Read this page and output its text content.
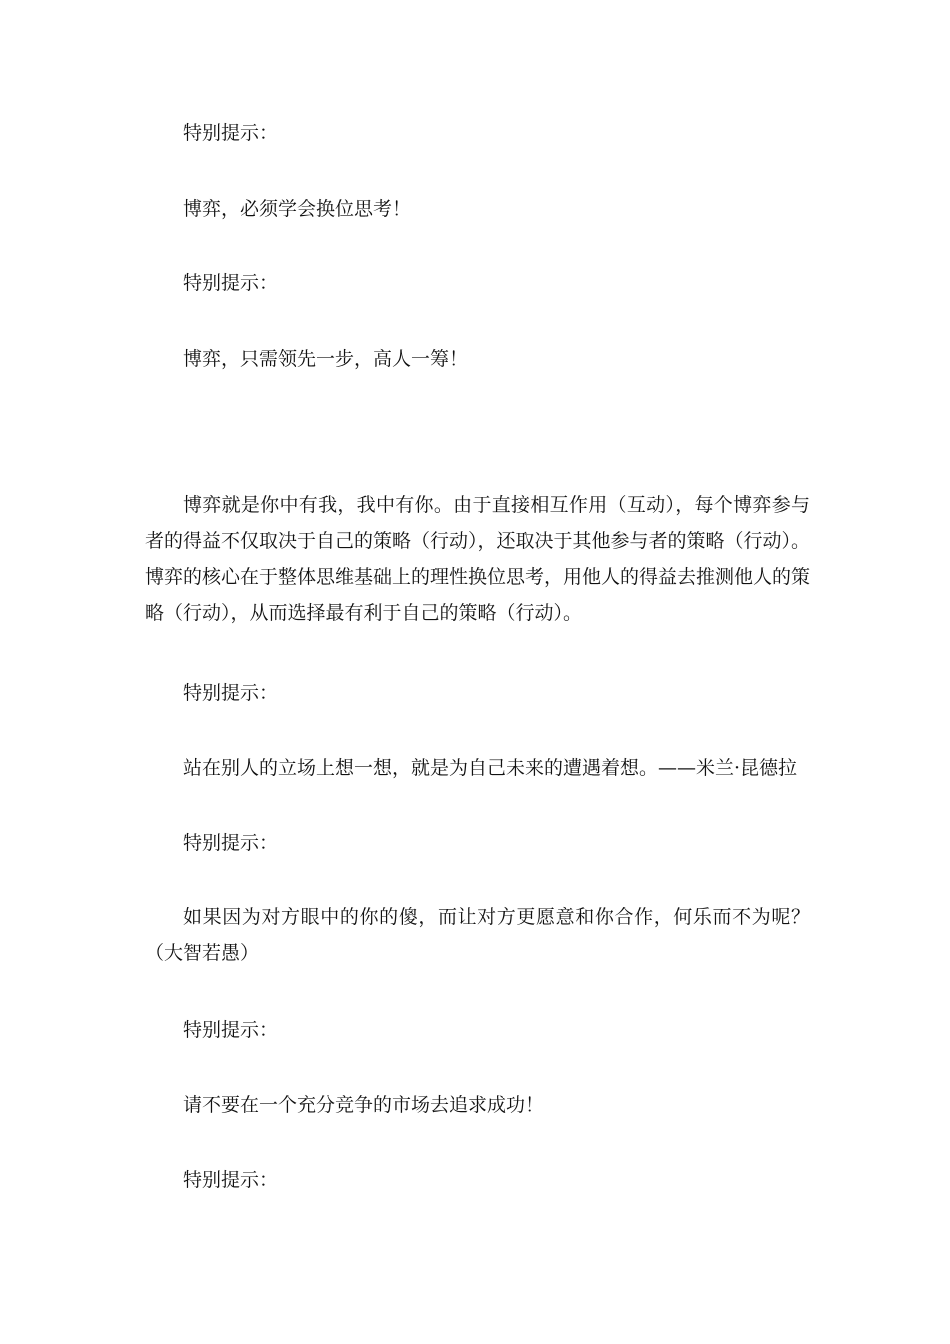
特别提示：

博弈，必须学会换位思考！

特别提示：

博弈，只需领先一步，高人一筹！

博弈就是你中有我，我中有你。由于直接相互作用（互动），每个博弈参与者的得益不仅取决于自己的策略（行动），还取决于其他参与者的策略（行动）。博弈的核心在于整体思维基础上的理性换位思考，用他人的得益去推测他人的策略（行动），从而选择最有利于自己的策略（行动）。

特别提示：

站在别人的立场上想一想，就是为自己未来的遭遇着想。——米兰·昆德拉

特别提示：

如果因为对方眼中的你的傻，而让对方更愿意和你合作，何乐而不为呢？（大智若愚）

特别提示：

请不要在一个充分竞争的市场去追求成功！

特别提示：
